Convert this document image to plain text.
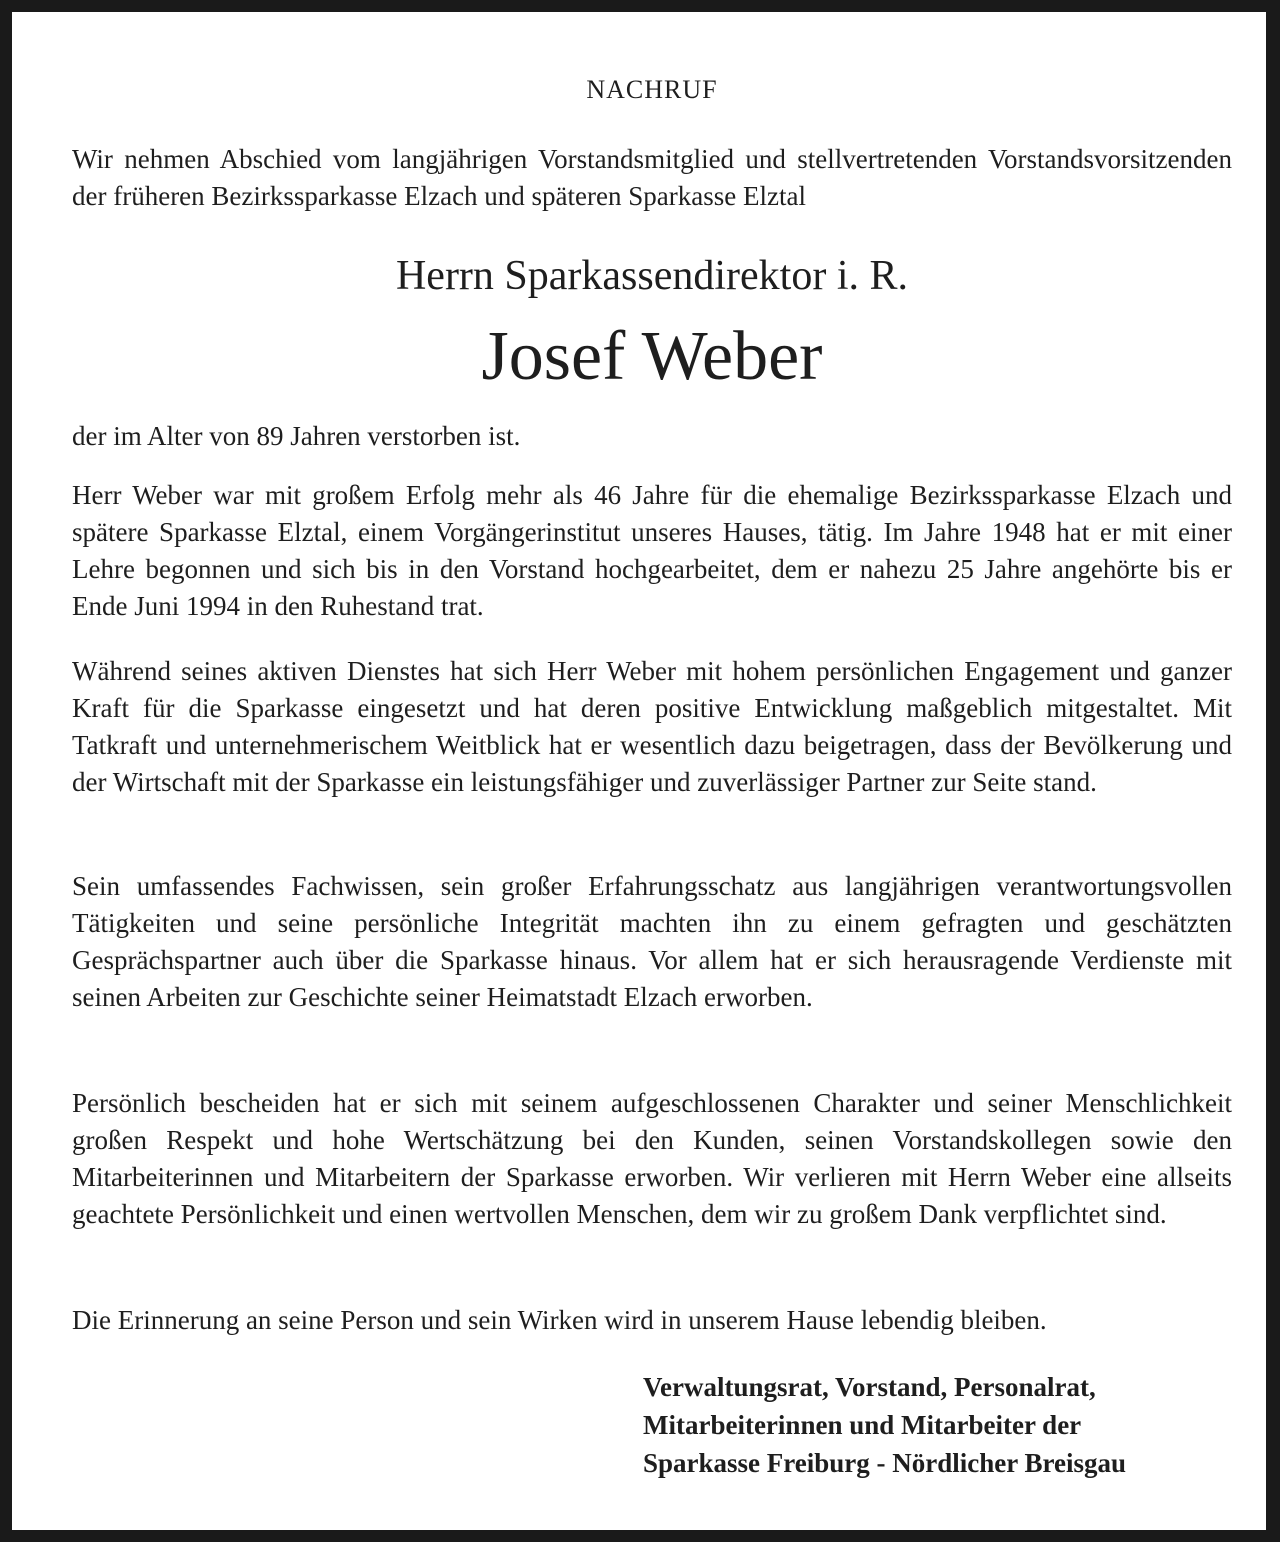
NACHRUF

Wir nehmen Abschied vom langjährigen Vorstandsmitglied und stellvertretenden Vorstandsvorsitzenden der früheren Bezirkssparkasse Elzach und späteren Sparkasse Elztal

Herrn Sparkassendirektor i. R.
Josef Weber

der im Alter von 89 Jahren verstorben ist.

Herr Weber war mit großem Erfolg mehr als 46 Jahre für die ehemalige Bezirkssparkasse Elzach und spätere Sparkasse Elztal, einem Vorgängerinstitut unseres Hauses, tätig. Im Jahre 1948 hat er mit einer Lehre begonnen und sich bis in den Vorstand hochgearbeitet, dem er nahezu 25 Jahre angehörte bis er Ende Juni 1994 in den Ruhestand trat.

Während seines aktiven Dienstes hat sich Herr Weber mit hohem persönlichen Engagement und ganzer Kraft für die Sparkasse eingesetzt und hat deren positive Entwicklung maßgeblich mitgestaltet. Mit Tatkraft und unternehmerischem Weitblick hat er wesentlich dazu beigetragen, dass der Bevölkerung und der Wirtschaft mit der Sparkasse ein leistungsfähiger und zuverlässiger Partner zur Seite stand.

Sein umfassendes Fachwissen, sein großer Erfahrungsschatz aus langjährigen verantwortungsvollen Tätigkeiten und seine persönliche Integrität machten ihn zu einem gefragten und geschätzten Gesprächspartner auch über die Sparkasse hinaus. Vor allem hat er sich herausragende Verdienste mit seinen Arbeiten zur Geschichte seiner Heimatstadt Elzach erworben.

Persönlich bescheiden hat er sich mit seinem aufgeschlossenen Charakter und seiner Menschlichkeit großen Respekt und hohe Wertschätzung bei den Kunden, seinen Vorstandskollegen sowie den Mitarbeiterinnen und Mitarbeitern der Sparkasse erworben. Wir verlieren mit Herrn Weber eine allseits geachtete Persönlichkeit und einen wertvollen Menschen, dem wir zu großem Dank verpflichtet sind.

Die Erinnerung an seine Person und sein Wirken wird in unserem Hause lebendig bleiben.

Verwaltungsrat, Vorstand, Personalrat,
Mitarbeiterinnen und Mitarbeiter der
Sparkasse Freiburg - Nördlicher Breisgau
